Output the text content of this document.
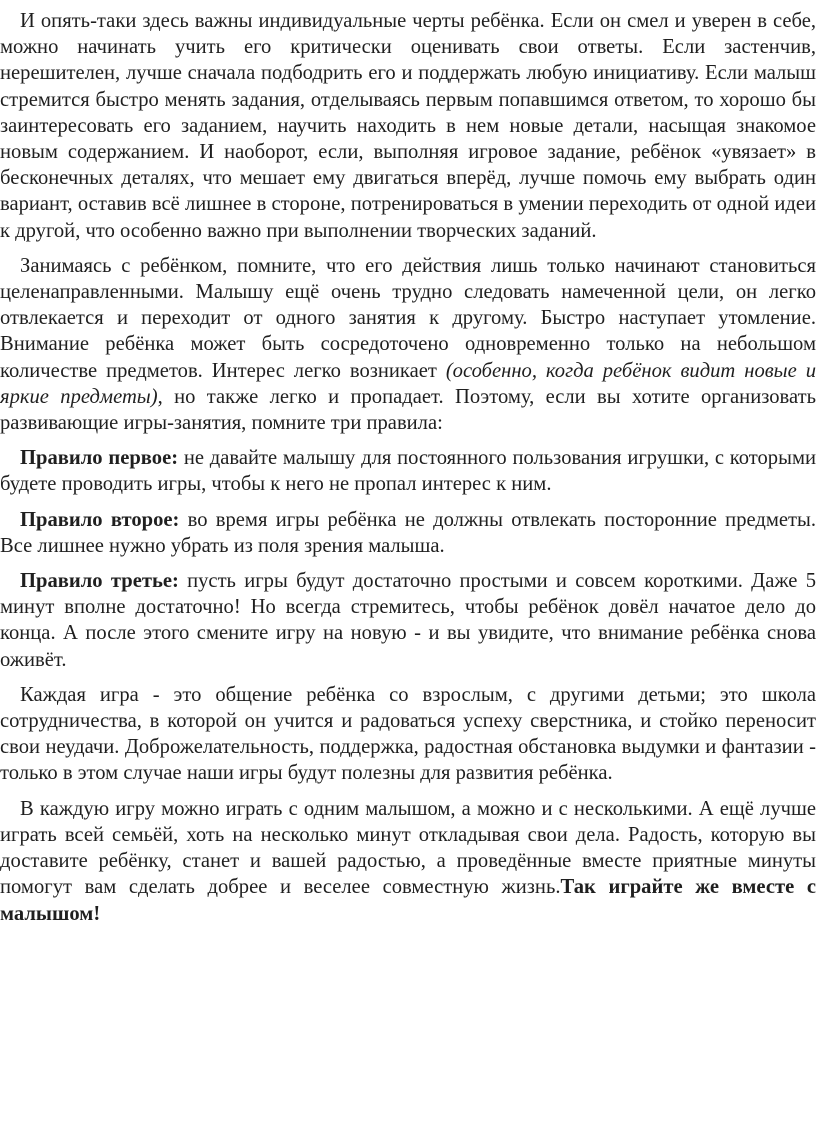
И опять-таки здесь важны индивидуальные черты ребёнка. Если он смел и уверен в себе, можно начинать учить его критически оценивать свои ответы. Если застенчив, нерешителен, лучше сначала подбодрить его и поддержать любую инициативу. Если малыш стремится быстро менять задания, отделываясь первым попавшимся ответом, то хорошо бы заинтересовать его заданием, научить находить в нем новые детали, насыщая знакомое новым содержанием. И наоборот, если, выполняя игровое задание, ребёнок «увязает» в бесконечных деталях, что мешает ему двигаться вперёд, лучше помочь ему выбрать один вариант, оставив всё лишнее в стороне, потренироваться в умении переходить от одной идеи к другой, что особенно важно при выполнении творческих заданий.

Занимаясь с ребёнком, помните, что его действия лишь только начинают становиться целенаправленными. Малышу ещё очень трудно следовать намеченной цели, он легко отвлекается и переходит от одного занятия к другому. Быстро наступает утомление. Внимание ребёнка может быть сосредоточено одновременно только на небольшом количестве предметов. Интерес легко возникает (особенно, когда ребёнок видит новые и яркие предметы), но также легко и пропадает. Поэтому, если вы хотите организовать развивающие игры-занятия, помните три правила:

Правило первое: не давайте малышу для постоянного пользования игрушки, с которыми будете проводить игры, чтобы к него не пропал интерес к ним.

Правило второе: во время игры ребёнка не должны отвлекать посторонние предметы. Все лишнее нужно убрать из поля зрения малыша.

Правило третье: пусть игры будут достаточно простыми и совсем короткими. Даже 5 минут вполне достаточно! Но всегда стремитесь, чтобы ребёнок довёл начатое дело до конца. А после этого смените игру на новую - и вы увидите, что внимание ребёнка снова оживёт.

Каждая игра - это общение ребёнка со взрослым, с другими детьми; это школа сотрудничества, в которой он учится и радоваться успеху сверстника, и стойко переносит свои неудачи. Доброжелательность, поддержка, радостная обстановка выдумки и фантазии - только в этом случае наши игры будут полезны для развития ребёнка.

В каждую игру можно играть с одним малышом, а можно и с несколькими. А ещё лучше играть всей семьёй, хоть на несколько минут откладывая свои дела. Радость, которую вы доставите ребёнку, станет и вашей радостью, а проведённые вместе приятные минуты помогут вам сделать добрее и веселее совместную жизнь.Так играйте же вместе с малышом!
